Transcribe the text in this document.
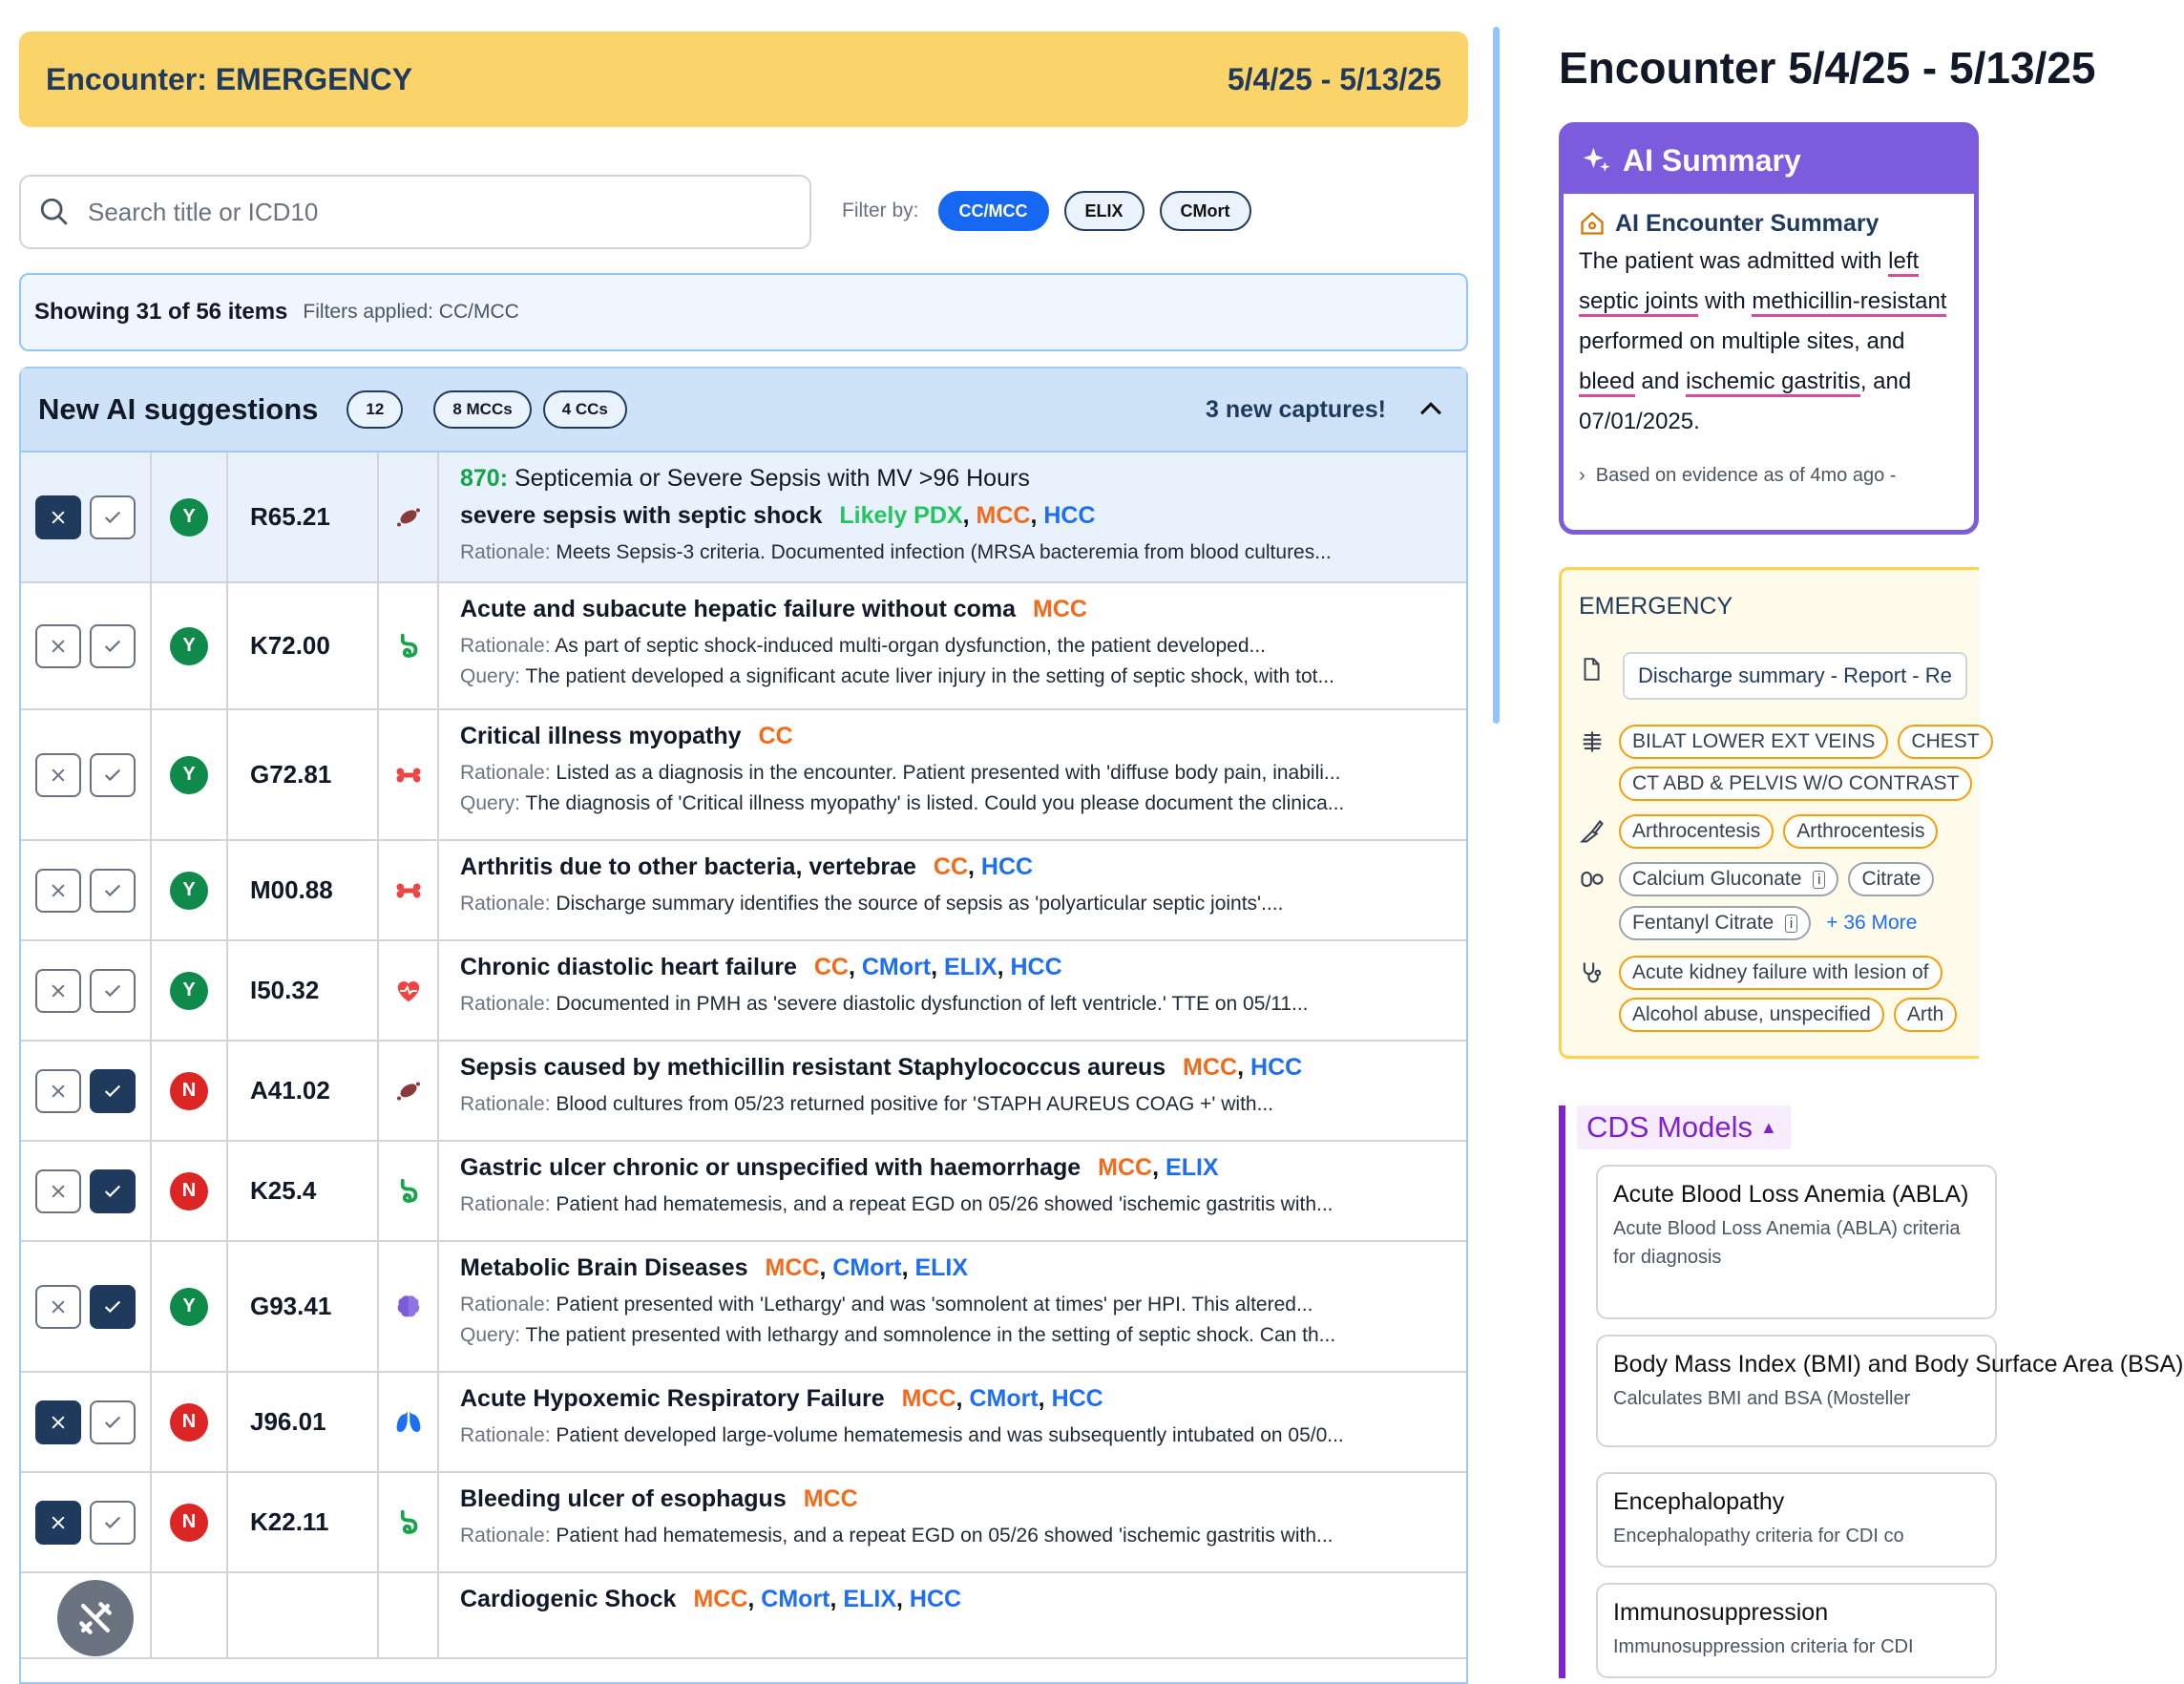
Encounter: EMERGENCY	5/4/25 - 5/13/25
Search title or ICD10
Filter by:	CC/MCC	ELIX	CMort
Showing 31 of 56 items Filters applied: CC/MCC
New AI suggestions	12	8 MCCs	4 CCs	3 new captures!
Y	R65.21
870: Septicemia or Severe Sepsis with MV >96 Hours
severe sepsis with septic shock Likely PDX, MCC, HCC
Rationale: Meets Sepsis-3 criteria. Documented infection (MRSA bacteremia from blood cultures...
Y	K72.00
Acute and subacute hepatic failure without coma MCC
Rationale: As part of septic shock-induced multi-organ dysfunction, the patient developed...
Query: The patient developed a significant acute liver injury in the setting of septic shock, with tot...
Y	G72.81
Critical illness myopathy CC
Rationale: Listed as a diagnosis in the encounter. Patient presented with 'diffuse body pain, inabili...
Query: The diagnosis of 'Critical illness myopathy' is listed. Could you please document the clinica...
Y	M00.88
Arthritis due to other bacteria, vertebrae CC, HCC
Rationale: Discharge summary identifies the source of sepsis as 'polyarticular septic joints'....
Y	I50.32
Chronic diastolic heart failure CC, CMort, ELIX, HCC
Rationale: Documented in PMH as 'severe diastolic dysfunction of left ventricle.' TTE on 05/11...
N	A41.02
Sepsis caused by methicillin resistant Staphylococcus aureus MCC, HCC
Rationale: Blood cultures from 05/23 returned positive for 'STAPH AUREUS COAG +' with...
N	K25.4
Gastric ulcer chronic or unspecified with haemorrhage MCC, ELIX
Rationale: Patient had hematemesis, and a repeat EGD on 05/26 showed 'ischemic gastritis with...
Y	G93.41
Metabolic Brain Diseases MCC, CMort, ELIX
Rationale: Patient presented with 'Lethargy' and was 'somnolent at times' per HPI. This altered...
Query: The patient presented with lethargy and somnolence in the setting of septic shock. Can th...
N	J96.01
Acute Hypoxemic Respiratory Failure MCC, CMort, HCC
Rationale: Patient developed large-volume hematemesis and was subsequently intubated on 05/0...
N	K22.11
Bleeding ulcer of esophagus MCC
Rationale: Patient had hematemesis, and a repeat EGD on 05/26 showed 'ischemic gastritis with...
Cardiogenic Shock MCC, CMort, ELIX, HCC
Encounter 5/4/25 - 5/13/25
AI Summary
AI Encounter Summary

The patient was admitted with left

septic joints with methicillin-resistant

performed on multiple sites, and

bleed and ischemic gastritis, and

07/01/2025.

›  Based on evidence as of 4mo ago -
EMERGENCY
Discharge summary - Report - Re
BILAT LOWER EXT VEINS	CHEST
CT ABD & PELVIS W/O CONTRAST
Arthrocentesis	Arthrocentesis
Calcium Gluconate
	i	Citrate
Fentanyl Citrate
	i + 36 More
Acute kidney failure with lesion of
Alcohol abuse, unspecified	Arth
CDS Models ▲
Acute Blood Loss Anemia (ABLA)
Acute Blood Loss Anemia (ABLA) criteria for diagnosis
Body Mass Index (BMI) and Body Surface Area (BSA)
Calculates BMI and BSA (Mosteller
Encephalopathy
Encephalopathy criteria for CDI co
Immunosuppression
Immunosuppression criteria for CDI
